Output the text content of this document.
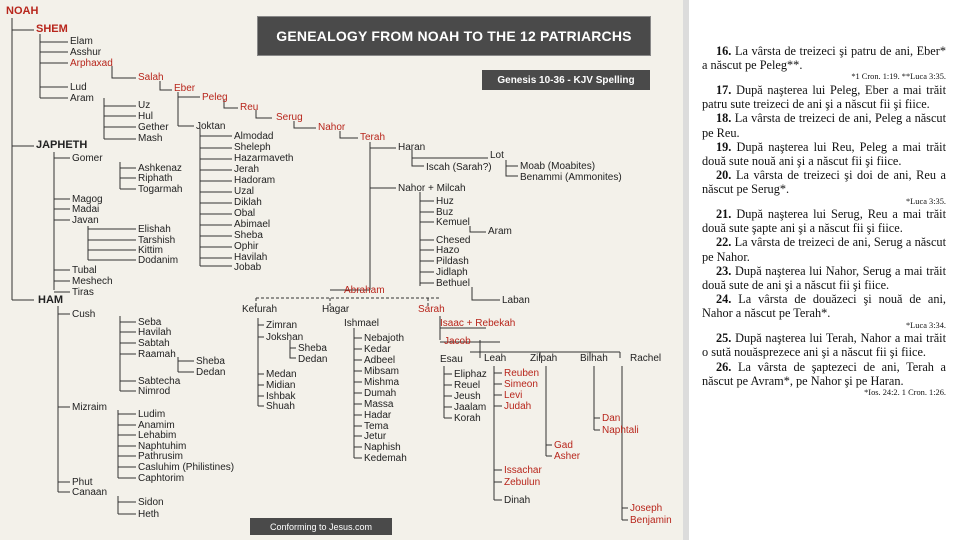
GENEALOGY FROM NOAH TO THE 12 PATRIARCHS
Genesis 10-36 - KJV Spelling
Conforming to Jesus.com
NOAH
SHEM
JAPHETH
HAM
Elam
Asshur
Arphaxad
Lud
Aram
Salah
Eber
Peleg
Reu
Serug
Nahor
Terah
Uz
Hul
Gether
Mash
Joktan
Almodad
Sheleph
Hazarmaveth
Jerah
Hadoram
Uzal
Diklah
Obal
Abimael
Sheba
Ophir
Havilah
Jobab
Haran
Lot
Iscah (Sarah?)	Moab (Moabites)
Benammi (Ammonites)
Nahor + Milcah
Huz
Buz
Kemuel
Aram
Chesed
Hazo
Pildash
Jidlaph
Bethuel
Gomer
Ashkenaz
Riphath
Togarmah
Magog
Madai
Javan
Elishah
Tarshish
Kittim
Dodanim
Tubal
Meshech
Tiras	Abraham
Keturah	Hagar	Sarah
Laban
Isaac + Rebekah
Zimran
Jokshan
Sheba
Dedan
Medan
Midian
Ishbak
Shuah
Ishmael
Nebajoth
Kedar
Adbeel
Mibsam
Mishma
Dumah
Massa
Hadar
Tema
Jetur
Naphish
Kedemah
Jacob
Esau Leah Zilpah Bilhah Rachel
Eliphaz
Reuel
Jeush
Jaalam
Korah
Reuben
Simeon
Levi
Judah
Dan
Naphtali
Gad
Asher
Issachar
Zebulun
Dinah
Joseph
Benjamin
Cush
Seba
Havilah
Sabtah
Raamah
Sheba
Dedan
Sabtecha
Nimrod
Mizraim
Ludim
Anamim
Lehabim
Naphtuhim
Pathrusim
Casluhim (Philistines)
Caphtorim
Phut
Canaan
Sidon
Heth

16. La vârsta de treizeci şi patru de ani, Eber* a născut pe Peleg**.

*1 Cron. 1:19. **Luca 3:35.

17. După naşterea lui Peleg, Eber a mai trăit patru sute treizeci de ani şi a născut fii şi fiice.

18. La vârsta de treizeci de ani, Peleg a născut pe Reu.

19. După naşterea lui Reu, Peleg a mai trăit două sute nouă ani şi a născut fii şi fiice.

20. La vârsta de treizeci şi doi de ani, Reu a născut pe Serug*.

*Luca 3:35.

21. După naşterea lui Serug, Reu a mai trăit două sute şapte ani şi a născut fii şi fiice.

22. La vârsta de treizeci de ani, Serug a născut pe Nahor.

23. După naşterea lui Nahor, Serug a mai trăit două sute de ani şi a născut fii şi fiice.

24. La vârsta de douăzeci şi nouă de ani, Nahor a născut pe Terah*.

*Luca 3:34.

25. După naşterea lui Terah, Nahor a mai trăit o sută nouăsprezece ani şi a născut fii şi fiice.

26. La vârsta de şaptezeci de ani, Terah a născut pe Avram*, pe Nahor şi pe Haran.

*Ios. 24:2. 1 Cron. 1:26.
